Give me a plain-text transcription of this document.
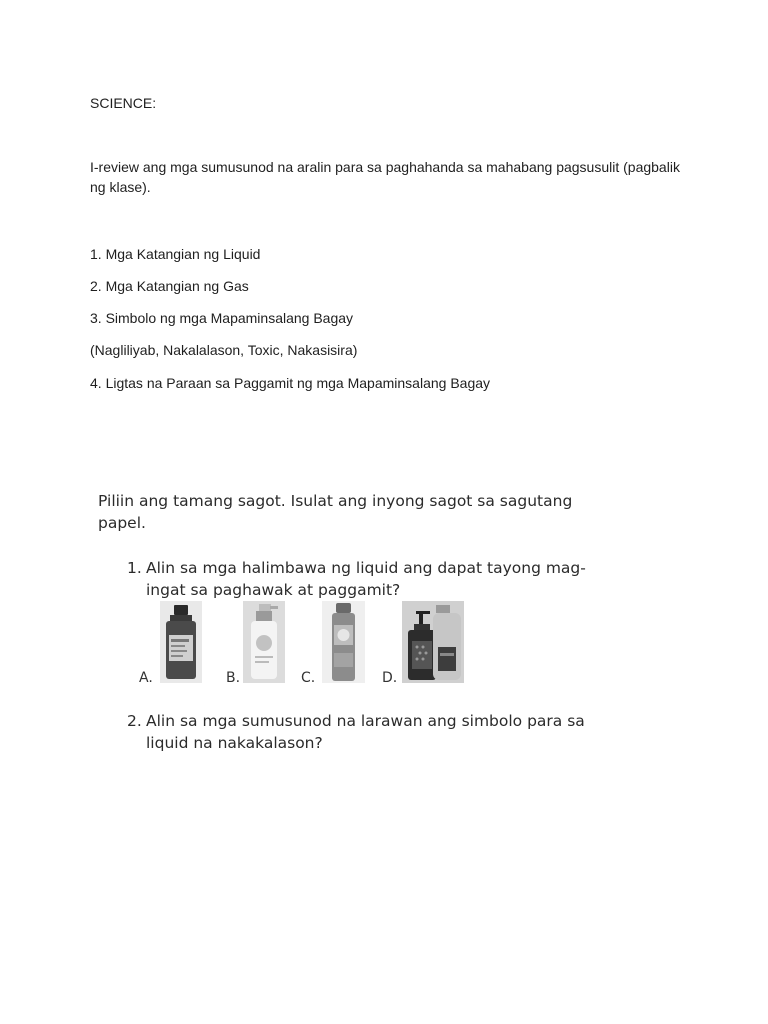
SCIENCE:

I-review ang mga sumusunod na aralin para sa paghahanda sa mahabang pagsusulit (pagbalik ng klase).

1. Mga Katangian ng Liquid

2. Mga Katangian ng Gas

3. Simbolo ng mga Mapaminsalang Bagay

(Nagliliyab, Nakalalason, Toxic, Nakasisira)

4. Ligtas na Paraan sa Paggamit ng mga Mapaminsalang Bagay

Piliin ang tamang sagot. Isulat ang inyong sagot sa sagutang papel.

1. Alin sa mga halimbawa ng liquid ang dapat tayong mag-ingat sa paghawak at paggamit?

A.	B.	C.	D.

2. Alin sa mga sumusunod na larawan ang simbolo para sa liquid na nakakalason?
